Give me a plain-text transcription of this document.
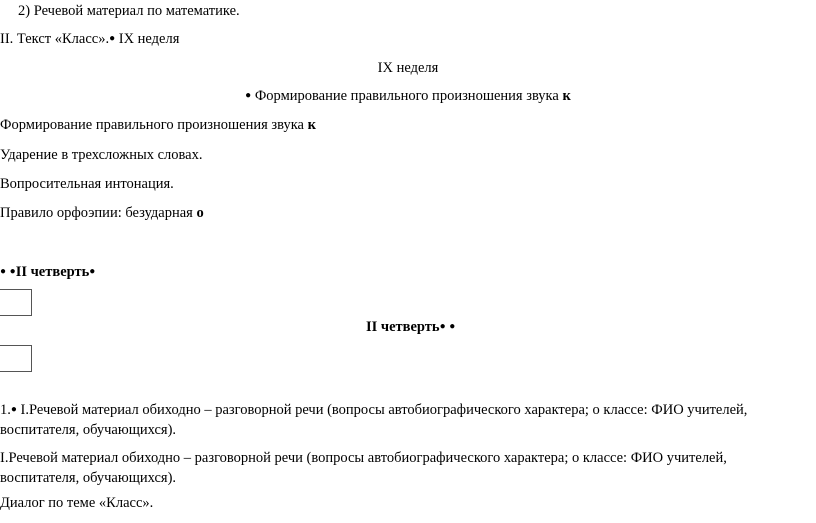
2) Речевой материал по математике.
II. Текст «Класс».● IX неделя
IX неделя
● Формирование правильного произношения звука к
Формирование правильного произношения звука к
Ударение в трехсложных словах.
Вопросительная интонация.
Правило орфоэпии: безударная о
● ●II четверть●
II четверть● ●
1.● I.Речевой материал обиходно – разговорной речи (вопросы автобиографического характера; о классе: ФИО учителей, воспитателя, обучающихся).
I.Речевой материал обиходно – разговорной речи (вопросы автобиографического характера; о классе: ФИО учителей, воспитателя, обучающихся).
Диалог по теме «Класс».
